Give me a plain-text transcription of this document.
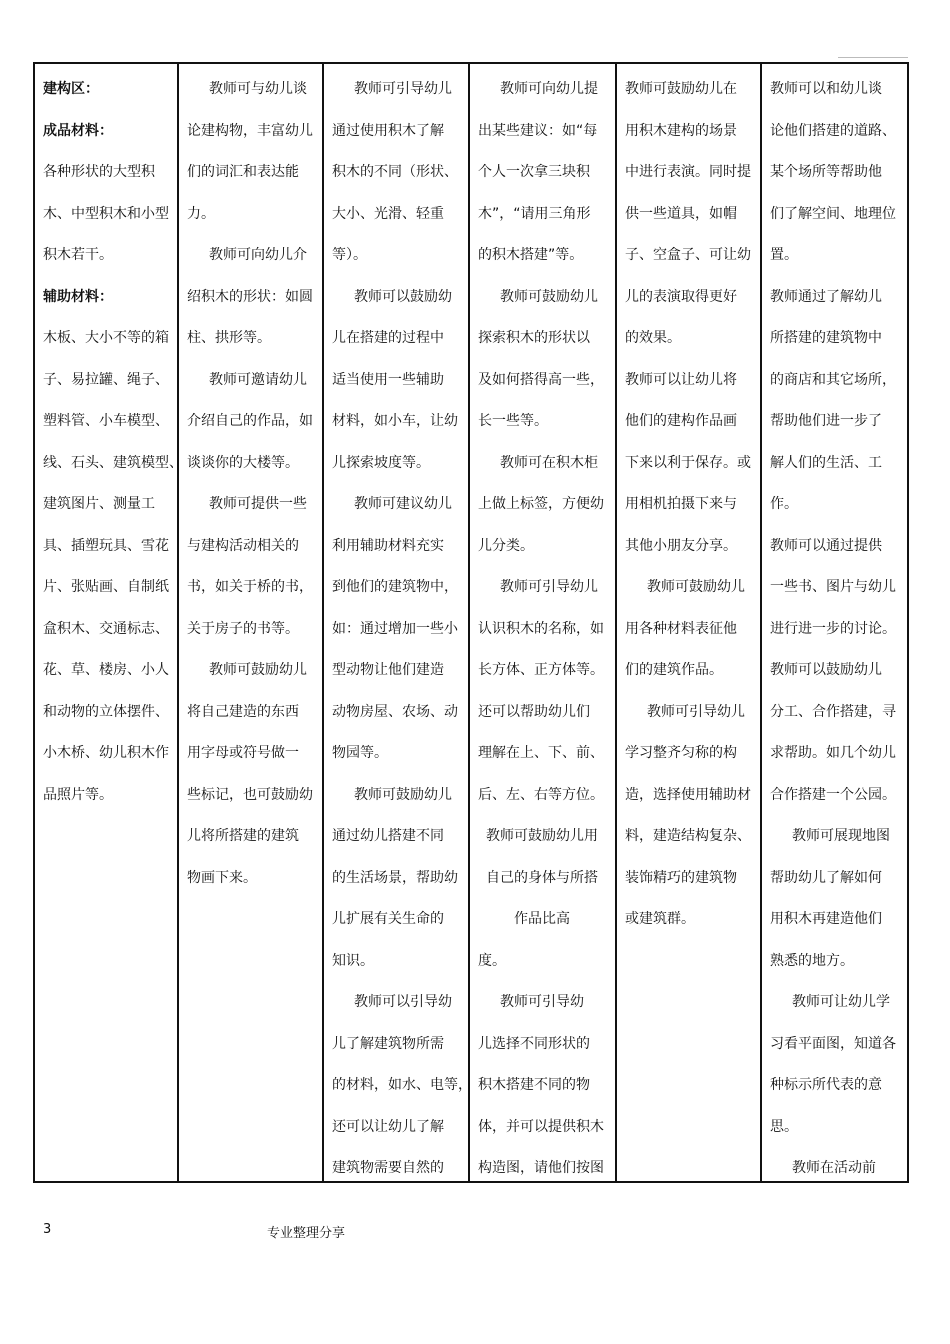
建构区：
成品材料：
各种形状的大型积
木、中型积木和小型
积木若干。
辅助材料：
木板、大小不等的箱
子、易拉罐、绳子、
塑料管、小车模型、
线、石头、建筑模型、
建筑图片、测量工
具、插塑玩具、雪花
片、张贴画、自制纸
盒积木、交通标志、
花、草、楼房、小人
和动物的立体摆件、
小木桥、幼儿积木作
品照片等。

教师可与幼儿谈
论建构物，丰富幼儿
们的词汇和表达能
力。
教师可向幼儿介
绍积木的形状：如圆
柱、拱形等。
教师可邀请幼儿
介绍自己的作品，如
谈谈你的大楼等。
教师可提供一些
与建构活动相关的
书，如关于桥的书，
关于房子的书等。
教师可鼓励幼儿
将自己建造的东西
用字母或符号做一
些标记，也可鼓励幼
儿将所搭建的建筑
物画下来。

教师可引导幼儿
通过使用积木了解
积木的不同（形状、
大小、光滑、轻重
等）。
教师可以鼓励幼
儿在搭建的过程中
适当使用一些辅助
材料，如小车，让幼
儿探索坡度等。
教师可建议幼儿
利用辅助材料充实
到他们的建筑物中，
如：通过增加一些小
型动物让他们建造
动物房屋、农场、动
物园等。
教师可鼓励幼儿
通过幼儿搭建不同
的生活场景，帮助幼
儿扩展有关生命的
知识。
教师可以引导幼
儿了解建筑物所需
的材料，如水、电等，
还可以让幼儿了解
建筑物需要自然的

教师可向幼儿提
出某些建议：如“每
个人一次拿三块积
木”，“请用三角形
的积木搭建”等。
教师可鼓励幼儿
探索积木的形状以
及如何搭得高一些，
长一些等。
教师可在积木柜
上做上标签，方便幼
儿分类。
教师可引导幼儿
认识积木的名称，如
长方体、正方体等。
还可以帮助幼儿们
理解在上、下、前、
后、左、右等方位。
教师可鼓励幼儿用
自己的身体与所搭
作品比高
度。
教师可引导幼
儿选择不同形状的
积木搭建不同的物
体，并可以提供积木
构造图，请他们按图

教师可鼓励幼儿在
用积木建构的场景
中进行表演。同时提
供一些道具，如帽
子、空盒子、可让幼
儿的表演取得更好
的效果。
教师可以让幼儿将
他们的建构作品画
下来以利于保存。或
用相机拍摄下来与
其他小朋友分享。
教师可鼓励幼儿
用各种材料表征他
们的建筑作品。
教师可引导幼儿
学习整齐匀称的构
造，选择使用辅助材
料，建造结构复杂、
装饰精巧的建筑物
或建筑群。

教师可以和幼儿谈
论他们搭建的道路、
某个场所等帮助他
们了解空间、地理位
置。
教师通过了解幼儿
所搭建的建筑物中
的商店和其它场所，
帮助他们进一步了
解人们的生活、工
作。
教师可以通过提供
一些书、图片与幼儿
进行进一步的讨论。
教师可以鼓励幼儿
分工、合作搭建，寻
求帮助。如几个幼儿
合作搭建一个公园。
教师可展现地图
帮助幼儿了解如何
用积木再建造他们
熟悉的地方。
教师可让幼儿学
习看平面图，知道各
种标示所代表的意
思。
教师在活动前
3	专业整理分享
